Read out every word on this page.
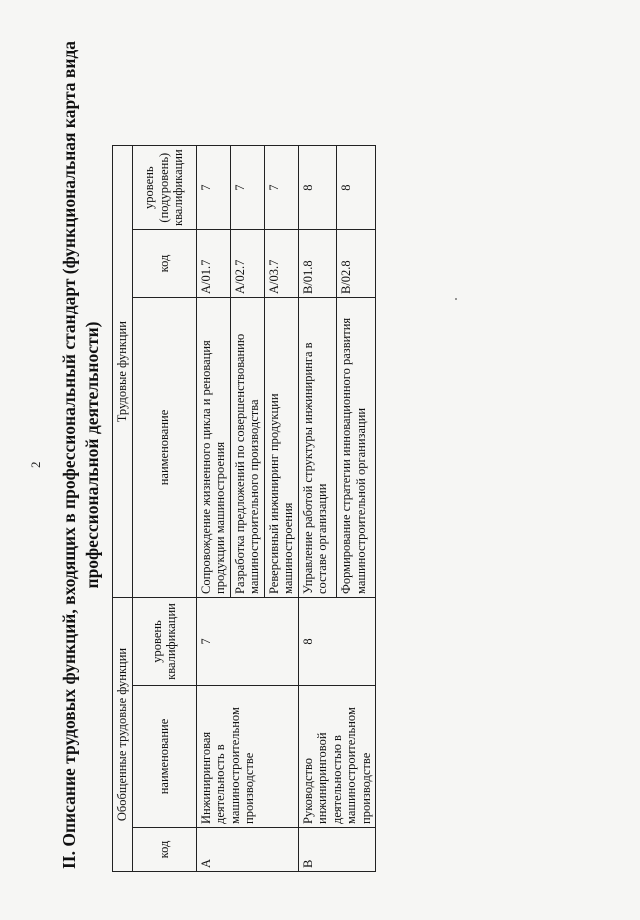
2 II. Описание трудовых функций, входящих в профессиональный стандарт (функциональная карта вида профессиональной деятельности)
Обобщенные трудовые функции			Трудовые функции		
код	наименование	уровень квалификации	наименование	код	уровень (подуровень) квалификации
A	Инжиниринговая деятельность в машиностроительном производстве	7	Сопровождение жизненного цикла и реновация продукции машиностроения	A/01.7	7
			Разработка предложений по совершенствованию машиностроительного производства	A/02.7	7
			Реверсивный инжиниринг продукции машиностроения	A/03.7	7
B	Руководство инжиниринговой деятельностью в машиностроительном производстве	8	Управление работой структуры инжиниринга в составе организации	B/01.8	8
			Формирование стратегии инновационного развития машиностроительной организации	B/02.8	8
